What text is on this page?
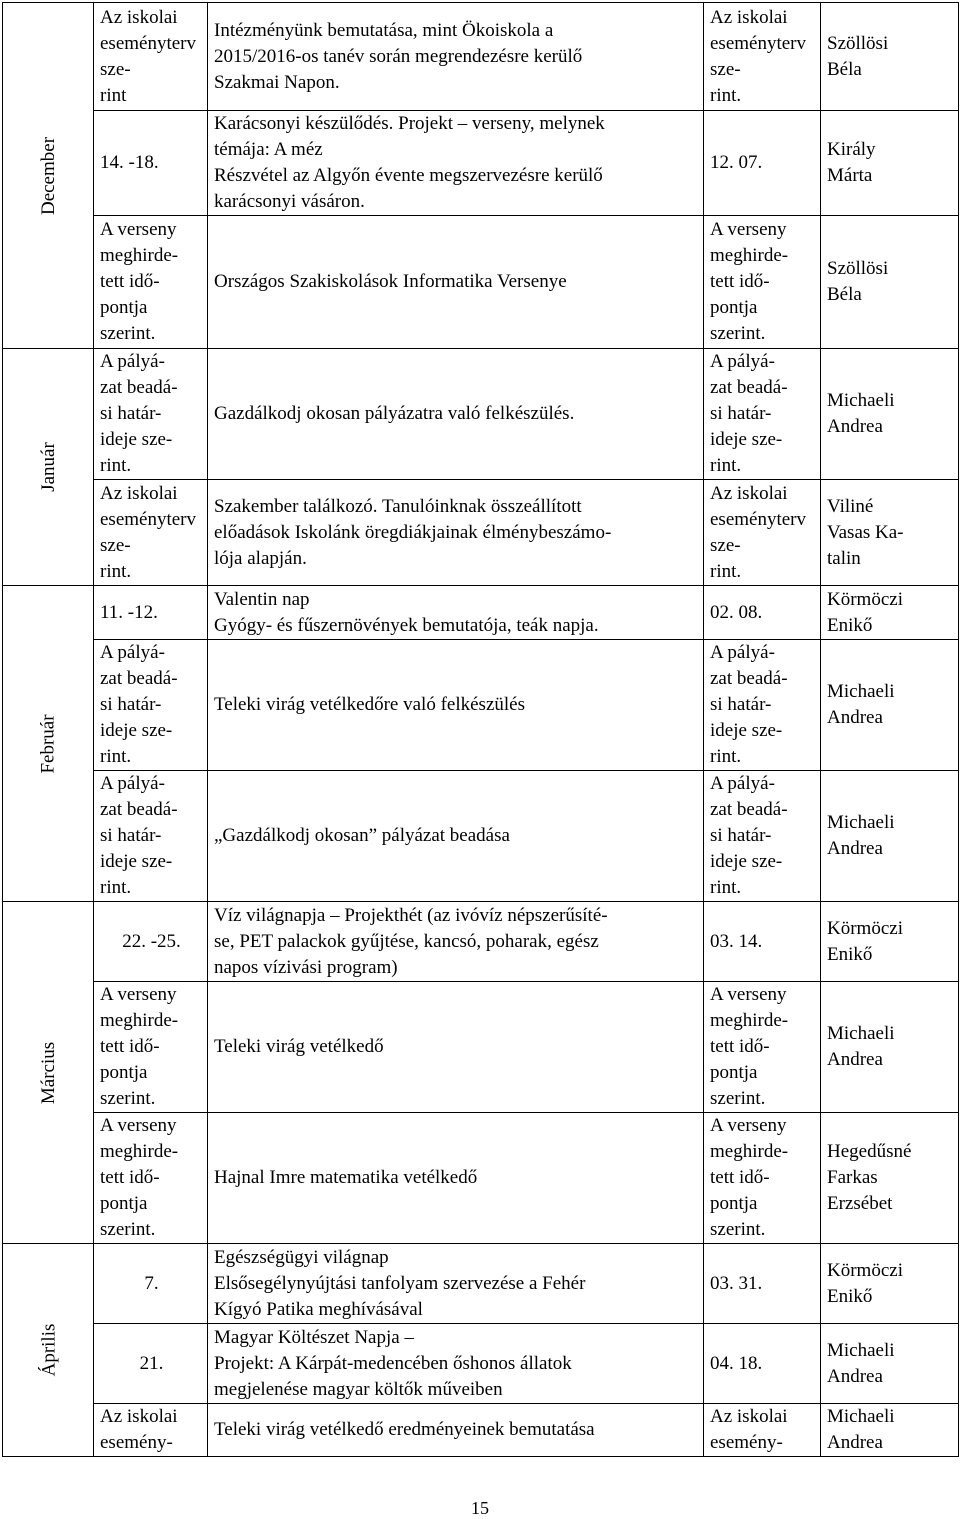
December	Az iskolai
eseményterv sze-
rint	Intézményünk bemutatása, mint Ökoiskola a
2015/2016-os tanév során megrendezésre kerülő
Szakmai Napon.	Az iskolai
eseményterv sze-
rint.	Szöllösi
Béla
	14. -18.	Karácsonyi készülődés. Projekt – verseny, melynek
témája: A méz
Részvétel az Algyőn évente megszervezésre kerülő
karácsonyi vásáron.	12. 07.	Király
Márta
	A verseny
meghirde-
tett idő-
pontja
szerint.	Országos Szakiskolások Informatika Versenye	A verseny
meghirde-
tett idő-
pontja
szerint.	Szöllösi
Béla
Január	A pályá-
zat beadá-
si határ-
ideje sze-
rint.	Gazdálkodj okosan pályázatra való felkészülés.	A pályá-
zat beadá-
si határ-
ideje sze-
rint.	Michaeli
Andrea
	Az iskolai
eseményterv sze-
rint.	Szakember találkozó. Tanulóinknak összeállított
előadások Iskolánk öregdiákjainak élménybeszámo-
lója alapján.	Az iskolai
eseményterv sze-
rint.	Viliné
Vasas Ka-
talin
Február	11. -12.	Valentin nap
Gyógy- és fűszernövények bemutatója, teák napja.	02. 08.	Körmöczi
Enikő
	A pályá-
zat beadá-
si határ-
ideje sze-
rint.	Teleki virág vetélkedőre való felkészülés	A pályá-
zat beadá-
si határ-
ideje sze-
rint.	Michaeli
Andrea
	A pályá-
zat beadá-
si határ-
ideje sze-
rint.	„Gazdálkodj okosan” pályázat beadása	A pályá-
zat beadá-
si határ-
ideje sze-
rint.	Michaeli
Andrea
Március	22. -25.	Víz világnapja – Projekthét (az ivóvíz népszerűsíté-
se, PET palackok gyűjtése, kancsó, poharak, egész
napos vízivási program)	03. 14.	Körmöczi
Enikő
	A verseny
meghirde-
tett idő-
pontja
szerint.	Teleki virág vetélkedő	A verseny
meghirde-
tett idő-
pontja
szerint.	Michaeli
Andrea
	A verseny
meghirde-
tett idő-
pontja
szerint.	Hajnal Imre matematika vetélkedő	A verseny
meghirde-
tett idő-
pontja
szerint.	Hegedűsné
Farkas
Erzsébet
Április	7.	Egészségügyi világnap
Elsősegélynyújtási tanfolyam szervezése a Fehér
Kígyó Patika meghívásával	03. 31.	Körmöczi
Enikő
	21.	Magyar Költészet Napja –
Projekt: A Kárpát-medencében őshonos állatok
megjelenése magyar költők műveiben	04. 18.	Michaeli
Andrea
	Az iskolai
esemény-	Teleki virág vetélkedő eredményeinek bemutatása	Az iskolai
esemény-	Michaeli
Andrea
15
